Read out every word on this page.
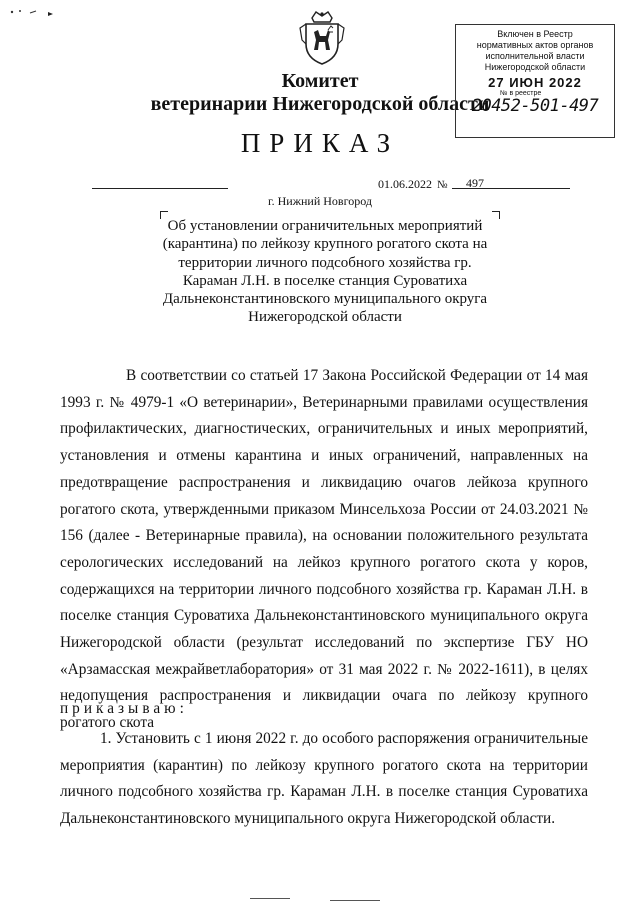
Комитет
ветеринарии Нижегородской области
ПРИКАЗ
Включен в Реестр
нормативных актов органов
исполнительной власти
Нижегородской области
27 ИЮН 2022
№ в реестре
20452-501-497
01.06.2022 № 497
г. Нижний Новгород
Об установлении ограничительных мероприятий (карантина) по лейкозу крупного рогатого скота на территории личного подсобного хозяйства гр. Караман Л.Н. в поселке станция Суроватиха Дальнеконстантиновского муниципального округа Нижегородской области
В соответствии со статьей 17 Закона Российской Федерации от 14 мая 1993 г. № 4979-1 «О ветеринарии», Ветеринарными правилами осуществления профилактических, диагностических, ограничительных и иных мероприятий, установления и отмены карантина и иных ограничений, направленных на предотвращение распространения и ликвидацию очагов лейкоза крупного рогатого скота, утвержденными приказом Минсельхоза России от 24.03.2021 № 156 (далее - Ветеринарные правила), на основании положительного результата серологических исследований на лейкоз крупного рогатого скота у коров, содержащихся на территории личного подсобного хозяйства гр. Караман Л.Н. в поселке станция Суроватиха Дальнеконстантиновского муниципального округа Нижегородской области (результат исследований по экспертизе ГБУ НО «Арзамасская межрайветлаборатория» от 31 мая 2022 г. № 2022-1611), в целях недопущения распространения и ликвидации очага по лейкозу крупного рогатого скота
приказываю:
1. Установить с 1 июня 2022 г. до особого распоряжения ограничительные мероприятия (карантин) по лейкозу крупного рогатого скота на территории личного подсобного хозяйства гр. Караман Л.Н. в поселке станция Суроватиха Дальнеконстантиновского муниципального округа Нижегородской области.
